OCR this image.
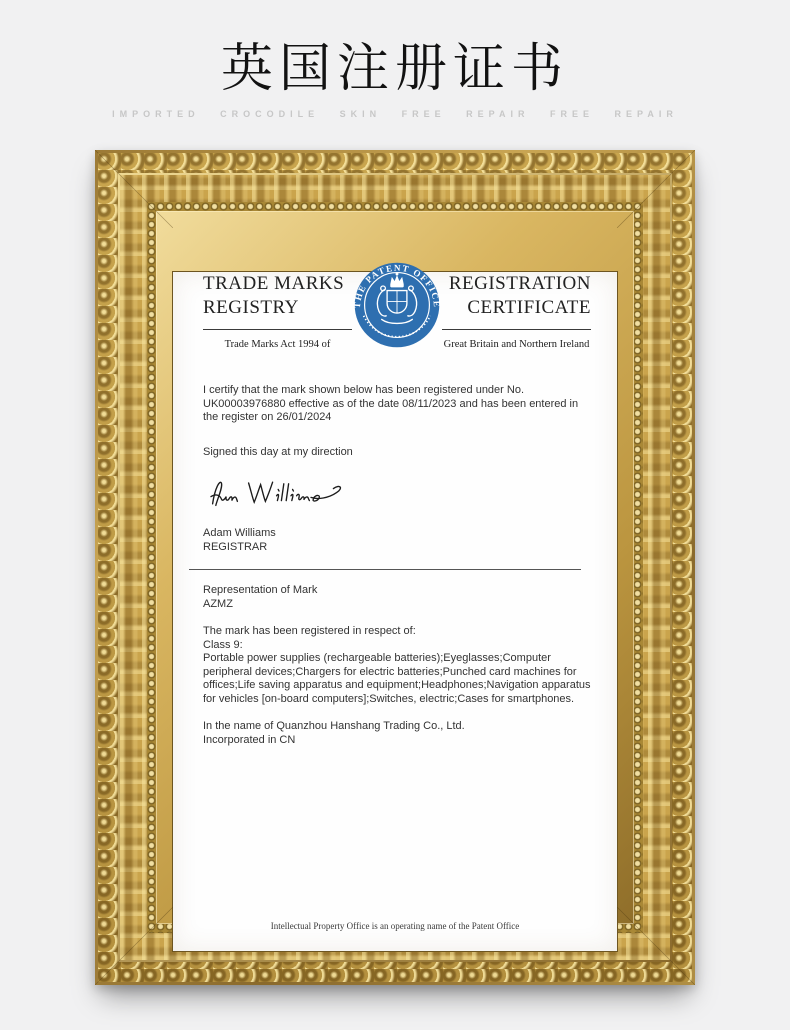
英国注册证书
IMPORTED CROCODILE SKIN FREE REPAIR FREE REPAIR
TRADE MARKS
REGISTRY
Trade Marks Act 1994 of
THE PATENT OFFICE
REGISTRATION
CERTIFICATE
Great Britain and Northern Ireland

I certify that the mark shown below has been registered under No. UK00003976880 effective as of the date 08/11/2023 and has been entered in the register on 26/01/2024

Signed this day at my direction

Adam Williams
REGISTRAR

Representation of Mark
AZMZ

The mark has been registered in respect of:
Class 9:
Portable power supplies (rechargeable batteries);Eyeglasses;Computer peripheral devices;Chargers for electric batteries;Punched card machines for offices;Life saving apparatus and equipment;Headphones;Navigation apparatus for vehicles [on-board computers];Switches, electric;Cases for smartphones.

In the name of Quanzhou Hanshang Trading Co., Ltd.
Incorporated in CN

Intellectual Property Office is an operating name of the Patent Office
